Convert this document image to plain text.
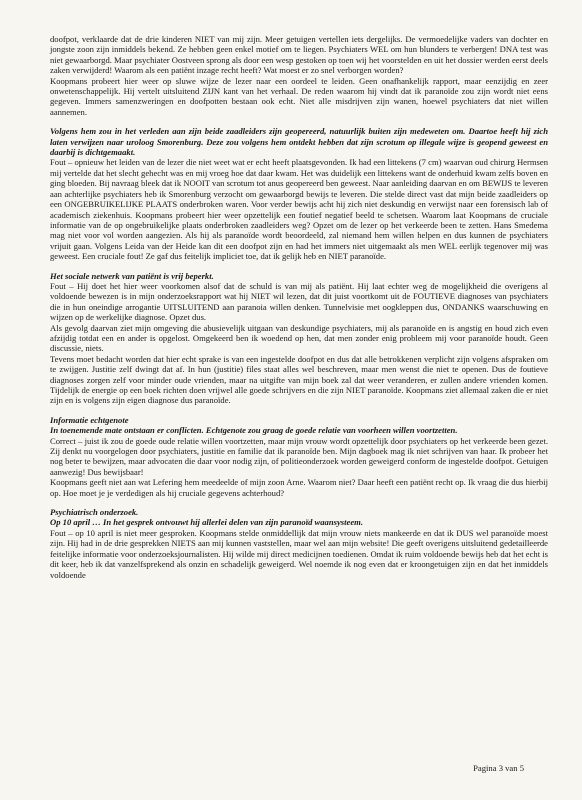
doofpot, verklaarde dat de drie kinderen NIET van mij zijn. Meer getuigen vertellen iets dergelijks. De vermoedelijke vaders van dochter en jongste zoon zijn inmiddels bekend. Ze hebben geen enkel motief om te liegen. Psychiaters WEL om hun blunders te verbergen! DNA test was niet gewaarborgd. Maar psychiater Oostveen sprong als door een wesp gestoken op toen wij het voorstelden en uit het dossier werden eerst deels zaken verwijderd! Waarom als een patiënt inzage recht heeft? Wat moest er zo snel verborgen worden?

Koopmans probeert hier weer op sluwe wijze de lezer naar een oordeel te leiden. Geen onafhankelijk rapport, maar eenzijdig en zeer onwetenschappelijk. Hij vertelt uitsluitend ZIJN kant van het verhaal. De reden waarom hij vindt dat ik paranoïde zou zijn wordt niet eens gegeven. Immers samenzweringen en doofpotten bestaan ook echt. Niet alle misdrijven zijn wanen, hoewel psychiaters dat niet willen aannemen.

Volgens hem zou in het verleden aan zijn beide zaadleiders zijn geopereerd, natuurlijk buiten zijn medeweten om. Daartoe heeft hij zich laten verwijzen naar uroloog Smorenburg. Deze zou volgens hem ontdekt hebben dat zijn scrotum op illegale wijze is geopend geweest en daarbij is dichtgemaakt.

Fout – opnieuw het leiden van de lezer die niet weet wat er echt heeft plaatsgevonden. Ik had een littekens (7 cm) waarvan oud chirurg Hermsen mij vertelde dat het slecht gehecht was en mij vroeg hoe dat daar kwam. Het was duidelijk een littekens want de onderhuid kwam zelfs boven en ging bloeden. Bij navraag bleek dat ik NOOIT van scrotum tot anus geopereerd ben geweest. Naar aanleiding daarvan en om BEWIJS te leveren aan achterlijke psychiaters heb ik Smorenburg verzocht om gewaarborgd bewijs te leveren. Die stelde direct vast dat mijn beide zaadleiders op een ONGEBRUIKELIJKE PLAATS onderbroken waren. Voor verder bewijs acht hij zich niet deskundig en verwijst naar een forensisch lab of academisch ziekenhuis. Koopmans probeert hier weer opzettelijk een foutief negatief beeld te schetsen. Waarom laat Koopmans de cruciale informatie van de op ongebruikelijke plaats onderbroken zaadleiders weg? Opzet om de lezer op het verkeerde been te zetten. Hans Smedema mag niet voor vol worden aangezien. Als hij als paranoïde wordt beoordeeld, zal niemand hem willen helpen en dus kunnen de psychiaters vrijuit gaan. Volgens Leida van der Heide kan dit een doofpot zijn en had het immers niet uitgemaakt als men WEL eerlijk tegenover mij was geweest. Een cruciale fout! Ze gaf dus feitelijk impliciet toe, dat ik gelijk heb en NIET paranoïde.

Het sociale netwerk van patiënt is vrij beperkt.

Fout – Hij doet het hier weer voorkomen alsof dat de schuld is van mij als patiënt. Hij laat echter weg de mogelijkheid die overigens al voldoende bewezen is in mijn onderzoeksrapport wat hij NIET wil lezen, dat dit juist voortkomt uit de FOUTIEVE diagnoses van psychiaters die in hun oneindige arrogantie UITSLUITEND aan paranoia willen denken. Tunnelvisie met oogkleppen dus, ONDANKS waarschuwing en wijzen op de werkelijke diagnose. Opzet dus.

Als gevolg daarvan ziet mijn omgeving die abusievelijk uitgaan van deskundige psychiaters, mij als paranoïde en is angstig en houd zich even afzijdig totdat een en ander is opgelost. Omgekeerd ben ik woedend op hen, dat men zonder enig probleem mij voor paranoïde houdt. Geen discussie, niets.

Tevens moet bedacht worden dat hier echt sprake is van een ingestelde doofpot en dus dat alle betrokkenen verplicht zijn volgens afspraken om te zwijgen. Justitie zelf dwingt dat af. In hun (justitie) files staat alles wel beschreven, maar men wenst die niet te openen. Dus de foutieve diagnoses zorgen zelf voor minder oude vrienden, maar na uitgifte van mijn boek zal dat weer veranderen, er zullen andere vrienden komen. Tijdelijk de energie op een boek richten doen vrijwel alle goede schrijvers en die zijn NIET paranoïde. Koopmans ziet allemaal zaken die er niet zijn en is volgens zijn eigen diagnose dus paranoïde.

Informatie echtgenote

In toenemende mate ontstaan er conflicten. Echtgenote zou graag de goede relatie van voorheen willen voortzetten.

Correct – juist ik zou de goede oude relatie willen voortzetten, maar mijn vrouw wordt opzettelijk door psychiaters op het verkeerde been gezet. Zij denkt nu voorgelogen door psychiaters, justitie en familie dat ik paranoïde ben. Mijn dagboek mag ik niet schrijven van haar. Ik probeer het nog beter te bewijzen, maar advocaten die daar voor nodig zijn, of politieonderzoek worden geweigerd conform de ingestelde doofpot. Getuigen aanwezig! Dus bewijsbaar!

Koopmans geeft niet aan wat Lefering hem meedeelde of mijn zoon Arne. Waarom niet? Daar heeft een patiënt recht op. Ik vraag die dus hierbij op. Hoe moet je je verdedigen als hij cruciale gegevens achterhoud?

Psychiatrisch onderzoek.

Op 10 april … In het gesprek ontvouwt hij allerlei delen van zijn paranoïd waansysteem.

Fout – op 10 april is niet meer gesproken. Koopmans stelde onmiddellijk dat mijn vrouw niets mankeerde en dat ik DUS wel paranoïde moest zijn. Hij had in de drie gesprekken NIETS aan mij kunnen vaststellen, maar wel aan mijn website! Die geeft overigens uitsluitend gedetailleerde feitelijke informatie voor onderzoeksjournalisten. Hij wilde mij direct medicijnen toedienen. Omdat ik ruim voldoende bewijs heb dat het echt is dit keer, heb ik dat vanzelfsprekend als onzin en schadelijk geweigerd. Wel noemde ik nog even dat er kroongetuigen zijn en dat het inmiddels voldoende

Pagina 3 van 5
